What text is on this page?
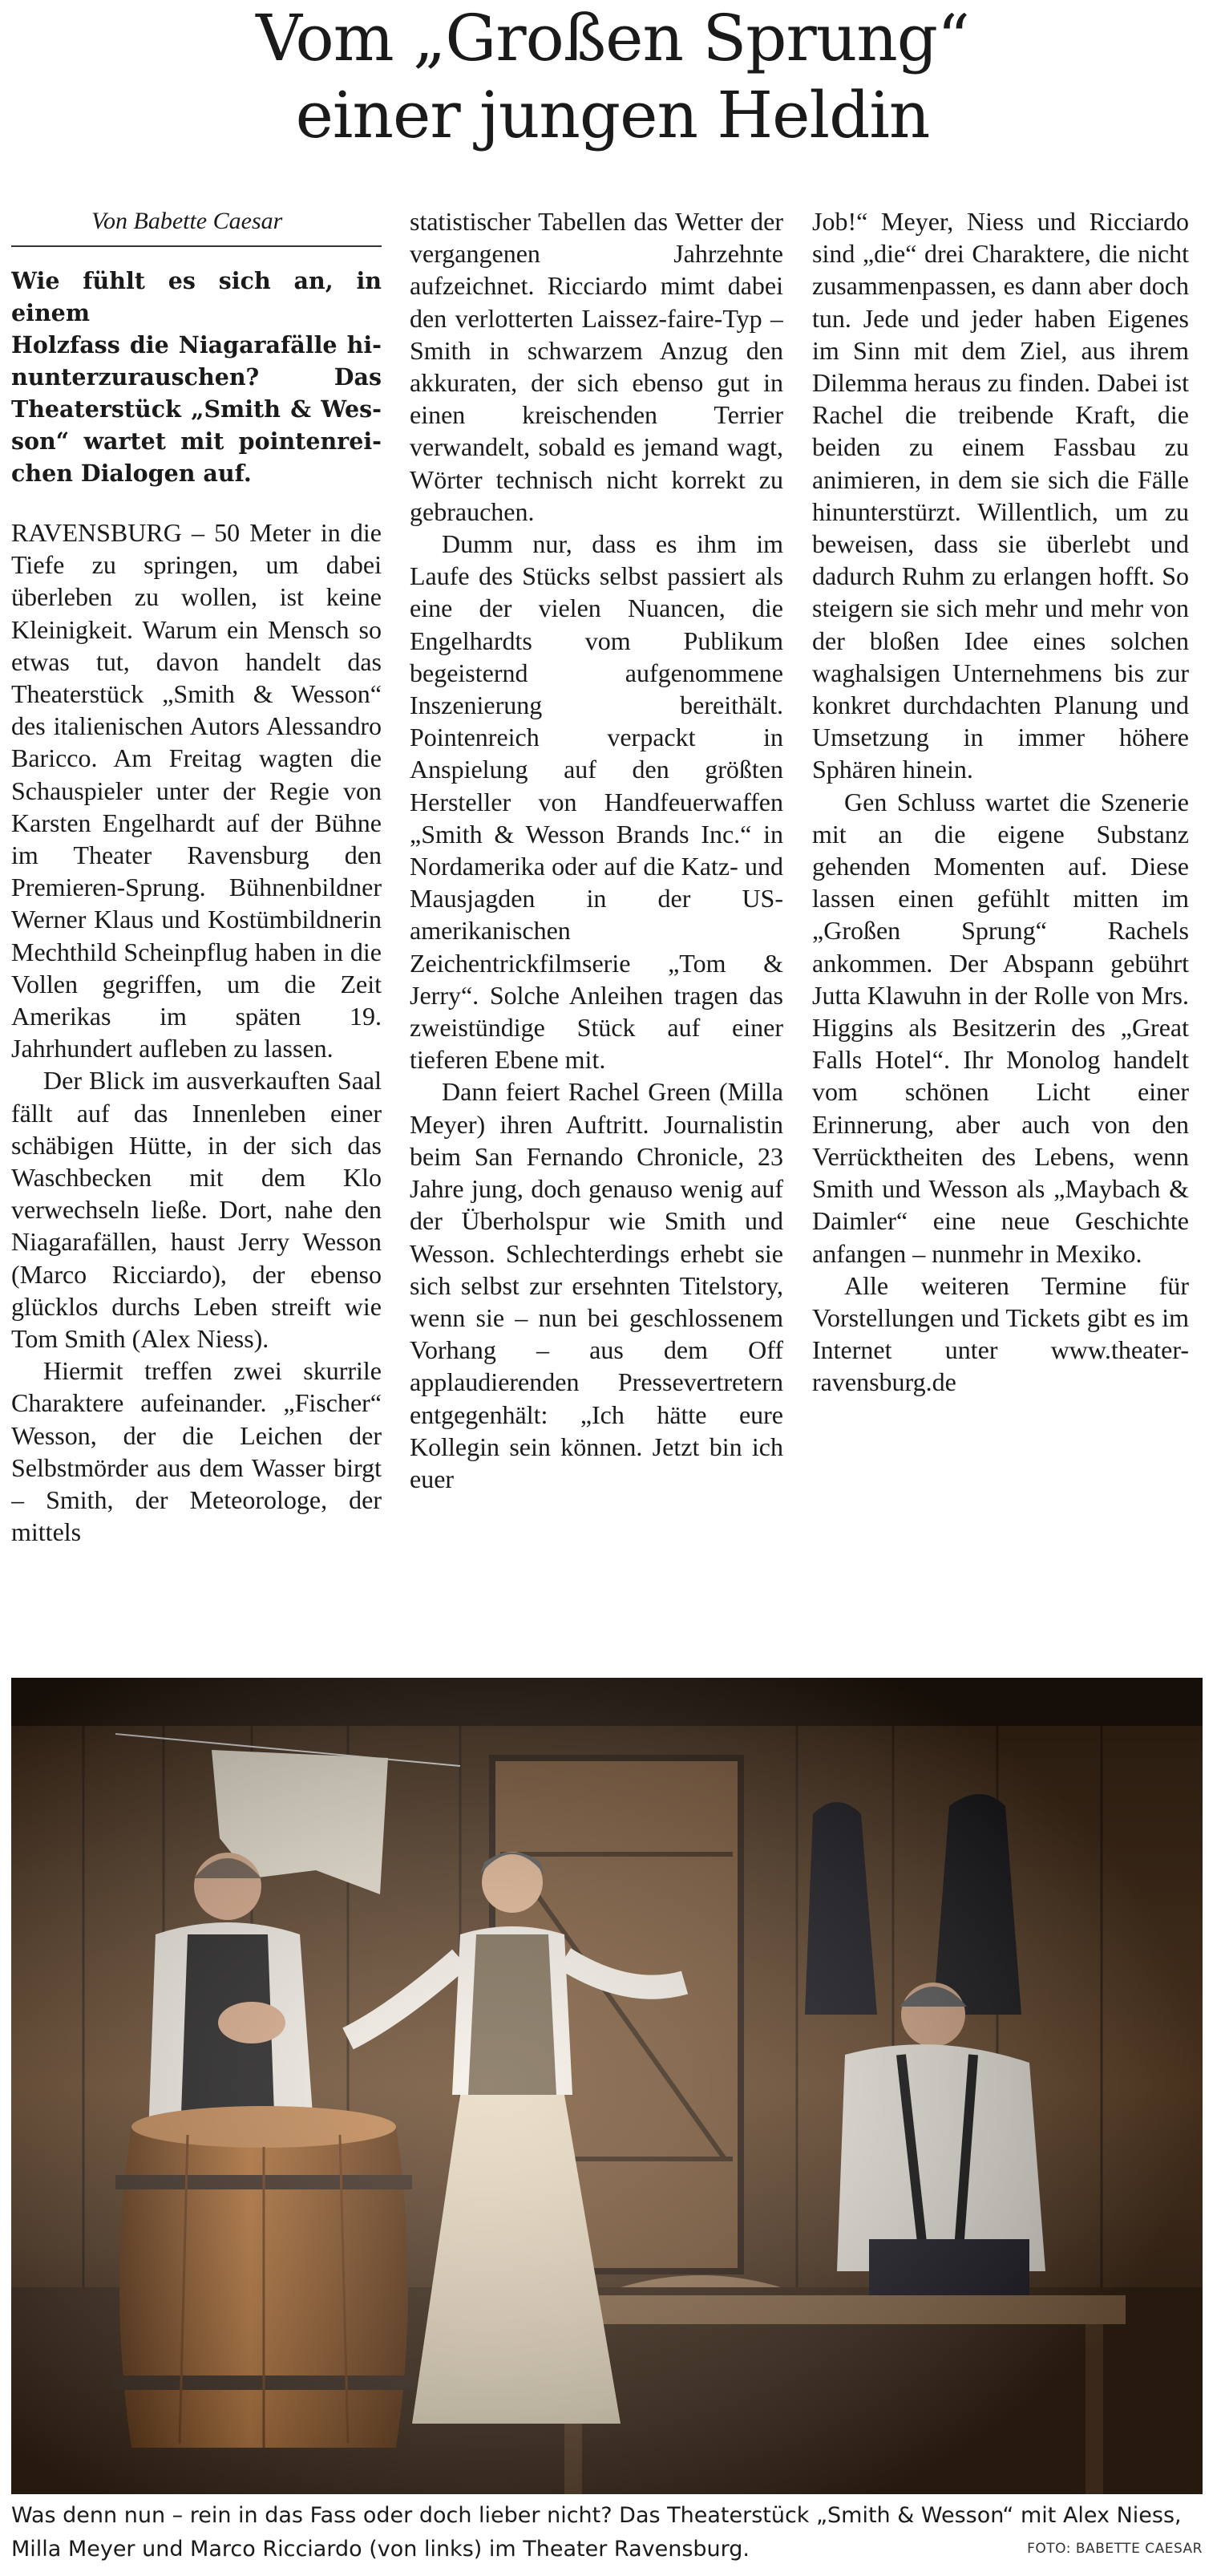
Vom „Großen Sprung“
einer jungen Heldin
Von Babette Caesar

Wie fühlt es sich an, in einem
Holzfass die Niagarafälle hi-
nunterzurauschen? Das
Theaterstück „Smith & Wes-
son“ wartet mit pointenrei-
chen Dialogen auf.

RAVENSBURG – 50 Meter in die Tiefe zu springen, um dabei überleben zu wollen, ist keine Kleinigkeit. Warum ein Mensch so etwas tut, davon handelt das Theaterstück „Smith & Wesson“ des italienischen Autors Alessandro Baricco. Am Freitag wagten die Schauspieler unter der Regie von Karsten Engelhardt auf der Bühne im Theater Ravensburg den Premieren-Sprung. Bühnenbildner Werner Klaus und Kostümbildnerin Mechthild Scheinpflug haben in die Vollen gegriffen, um die Zeit Amerikas im späten 19. Jahrhundert aufleben zu lassen.

Der Blick im ausverkauften Saal fällt auf das Innenleben einer schäbigen Hütte, in der sich das Waschbecken mit dem Klo verwechseln ließe. Dort, nahe den Niagarafällen, haust Jerry Wesson (Marco Ricciardo), der ebenso glücklos durchs Leben streift wie Tom Smith (Alex Niess).

Hiermit treffen zwei skurrile Charaktere aufeinander. „Fischer“ Wesson, der die Leichen der Selbstmörder aus dem Wasser birgt – Smith, der Meteorologe, der mittels

statistischer Tabellen das Wetter der vergangenen Jahrzehnte aufzeichnet. Ricciardo mimt dabei den verlotterten Laissez-faire-Typ – Smith in schwarzem Anzug den akkuraten, der sich ebenso gut in einen kreischenden Terrier verwandelt, sobald es jemand wagt, Wörter technisch nicht korrekt zu gebrauchen.

Dumm nur, dass es ihm im Laufe des Stücks selbst passiert als eine der vielen Nuancen, die Engelhardts vom Publikum begeisternd aufgenommene Inszenierung bereithält. Pointenreich verpackt in Anspielung auf den größten Hersteller von Handfeuerwaffen „Smith & Wesson Brands Inc.“ in Nordamerika oder auf die Katz- und Mausjagden in der US-amerikanischen Zeichentrickfilmserie „Tom & Jerry“. Solche Anleihen tragen das zweistündige Stück auf einer tieferen Ebene mit.

Dann feiert Rachel Green (Milla Meyer) ihren Auftritt. Journalistin beim San Fernando Chronicle, 23 Jahre jung, doch genauso wenig auf der Überholspur wie Smith und Wesson. Schlechterdings erhebt sie sich selbst zur ersehnten Titelstory, wenn sie – nun bei geschlossenem Vorhang – aus dem Off applaudierenden Pressevertretern entgegenhält: „Ich hätte eure Kollegin sein können. Jetzt bin ich euer

Job!“ Meyer, Niess und Ricciardo sind „die“ drei Charaktere, die nicht zusammenpassen, es dann aber doch tun. Jede und jeder haben Eigenes im Sinn mit dem Ziel, aus ihrem Dilemma heraus zu finden. Dabei ist Rachel die treibende Kraft, die beiden zu einem Fassbau zu animieren, in dem sie sich die Fälle hinunterstürzt. Willentlich, um zu beweisen, dass sie überlebt und dadurch Ruhm zu erlangen hofft. So steigern sie sich mehr und mehr von der bloßen Idee eines solchen waghalsigen Unternehmens bis zur konkret durchdachten Planung und Umsetzung in immer höhere Sphären hinein.

Gen Schluss wartet die Szenerie mit an die eigene Substanz gehenden Momenten auf. Diese lassen einen gefühlt mitten im „Großen Sprung“ Rachels ankommen. Der Abspann gebührt Jutta Klawuhn in der Rolle von Mrs. Higgins als Besitzerin des „Great Falls Hotel“. Ihr Monolog handelt vom schönen Licht einer Erinnerung, aber auch von den Verrücktheiten des Lebens, wenn Smith und Wesson als „Maybach & Daimler“ eine neue Geschichte anfangen – nunmehr in Mexiko.

Alle weiteren Termine für Vorstellungen und Tickets gibt es im Internet unter www.theater-ravensburg.de

Was denn nun – rein in das Fass oder doch lieber nicht? Das Theaterstück „Smith & Wesson“ mit Alex Niess, Milla Meyer und Marco Ricciardo (von links) im Theater Ravensburg.	FOTO: BABETTE CAESAR
